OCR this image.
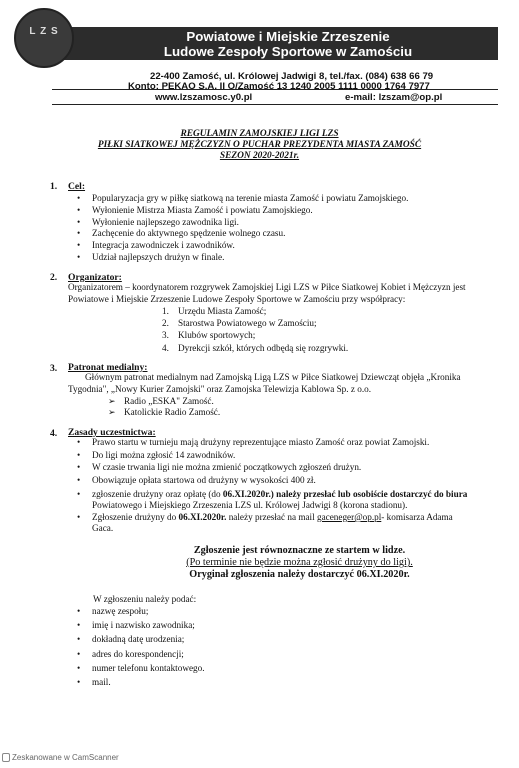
L Z S	Powiatowe i Miejskie Zrzeszenie
Ludowe Zespoły Sportowe w Zamościu
22-400 Zamość, ul. Królowej Jadwigi 8, tel./fax. (084) 638 66 79
Konto: PEKAO S.A. II O/Zamość 13 1240 2005 1111 0000 1764 7977
www.lzszamosc.y0.pl	e-mail: lzszam@op.pl
REGULAMIN ZAMOJSKIEJ LIGI LZS
PIŁKI SIATKOWEJ MĘŻCZYZN O PUCHAR PREZYDENTA MIASTA ZAMOŚĆ
SEZON 2020-2021r.
1. Cel:
• Popularyzacja gry w piłkę siatkową na terenie miasta Zamość i powiatu Zamojskiego.
• Wyłonienie Mistrza Miasta Zamość i powiatu Zamojskiego.
• Wyłonienie najlepszego zawodnika ligi.
• Zachęcenie do aktywnego spędzenie wolnego czasu.
• Integracja zawodniczek i zawodników.
• Udział najlepszych drużyn w finale.
2. Organizator:
Organizatorem – koordynatorem rozgrywek Zamojskiej Ligi LZS w Piłce Siatkowej Kobiet i Mężczyzn jest
Powiatowe i Miejskie Zrzeszenie Ludowe Zespoły Sportowe w Zamościu przy współpracy:
1. Urzędu Miasta Zamość;
2. Starostwa Powiatowego w Zamościu;
3. Klubów sportowych;
4. Dyrekcji szkół, których odbędą się rozgrywki.
3. Patronat medialny:
Głównym patronat medialnym nad Zamojską Ligą LZS w Piłce Siatkowej Dziewcząt objęła „Kronika
Tygodnia", „Nowy Kurier Zamojski" oraz Zamojska Telewizja Kablowa Sp. z o.o.
➢ Radio „ESKA" Zamość.
➢ Katolickie Radio Zamość.
4. Zasady uczestnictwa:
• Prawo startu w turnieju mają drużyny reprezentujące miasto Zamość oraz powiat Zamojski.
• Do ligi można zgłosić 14 zawodników.
• W czasie trwania ligi nie można zmienić początkowych zgłoszeń drużyn.
• Obowiązuje opłata startowa od drużyny w wysokości 400 zł.
• zgłoszenie drużyny oraz opłatę (do 06.XI.2020r.) należy przesłać lub osobiście dostarczyć do biura
Powiatowego i Miejskiego Zrzeszenia LZS ul. Królowej Jadwigi 8 (korona stadionu).
• Zgłoszenie drużyny do 06.XI.2020r. należy przesłać na mail gaceneger@op.pl- komisarza Adama
Gaca.
Zgłoszenie jest równoznaczne ze startem w lidze.
(Po terminie nie będzie można zgłosić drużyny do ligi).
Oryginał zgłoszenia należy dostarczyć 06.XI.2020r.
W zgłoszeniu należy podać:
• nazwę zespołu;
• imię i nazwisko zawodnika;
• dokładną datę urodzenia;
• adres do korespondencji;
• numer telefonu kontaktowego.
• mail.
Zeskanowane w CamScanner
